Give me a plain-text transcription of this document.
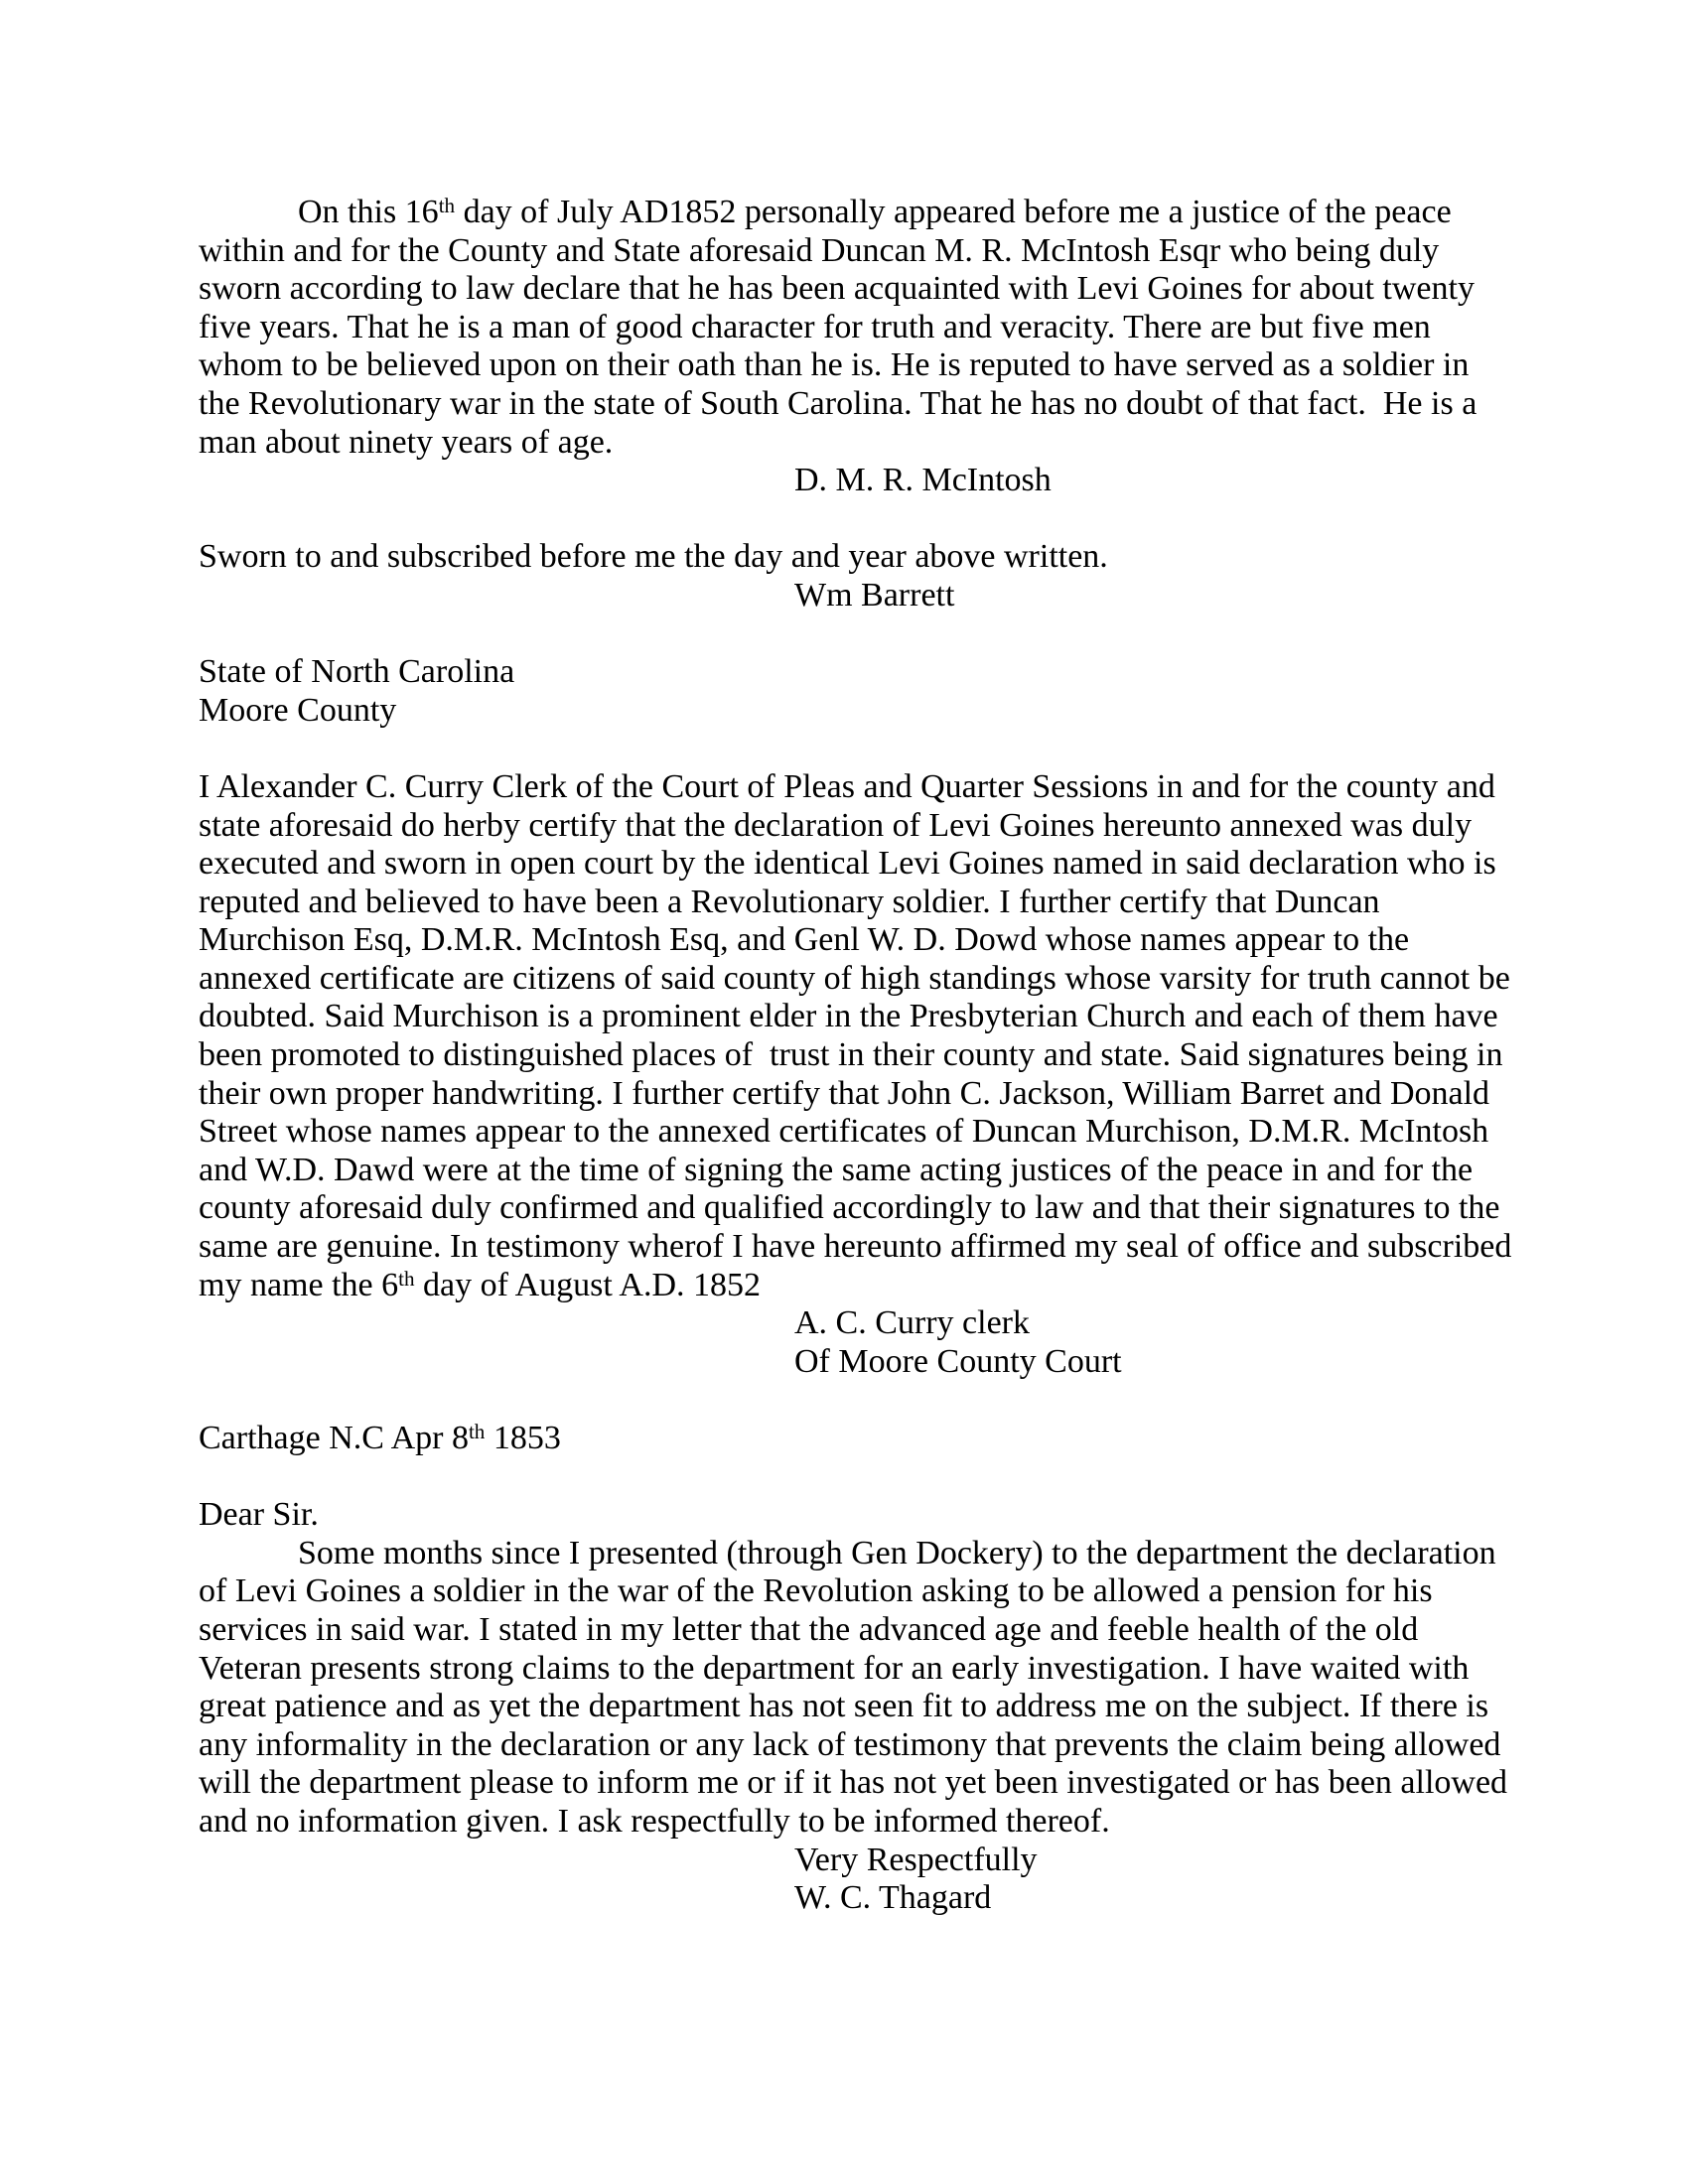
On this 16th day of July AD1852 personally appeared before me a justice of the peace
within and for the County and State aforesaid Duncan M. R. McIntosh Esqr who being duly
sworn according to law declare that he has been acquainted with Levi Goines for about twenty
five years. That he is a man of good character for truth and veracity. There are but five men
whom to be believed upon on their oath than he is. He is reputed to have served as a soldier in
the Revolutionary war in the state of South Carolina. That he has no doubt of that fact.  He is a
man about ninety years of age.
D. M. R. McIntosh
Sworn to and subscribed before me the day and year above written.
Wm Barrett
State of North Carolina
Moore County
I Alexander C. Curry Clerk of the Court of Pleas and Quarter Sessions in and for the county and
state aforesaid do herby certify that the declaration of Levi Goines hereunto annexed was duly
executed and sworn in open court by the identical Levi Goines named in said declaration who is
reputed and believed to have been a Revolutionary soldier. I further certify that Duncan
Murchison Esq, D.M.R. McIntosh Esq, and Genl W. D. Dowd whose names appear to the
annexed certificate are citizens of said county of high standings whose varsity for truth cannot be
doubted. Said Murchison is a prominent elder in the Presbyterian Church and each of them have
been promoted to distinguished places of  trust in their county and state. Said signatures being in
their own proper handwriting. I further certify that John C. Jackson, William Barret and Donald
Street whose names appear to the annexed certificates of Duncan Murchison, D.M.R. McIntosh
and W.D. Dawd were at the time of signing the same acting justices of the peace in and for the
county aforesaid duly confirmed and qualified accordingly to law and that their signatures to the
same are genuine. In testimony wherof I have hereunto affirmed my seal of office and subscribed
my name the 6th day of August A.D. 1852
A. C. Curry clerk
Of Moore County Court
Carthage N.C Apr 8th 1853
Dear Sir.
Some months since I presented (through Gen Dockery) to the department the declaration
of Levi Goines a soldier in the war of the Revolution asking to be allowed a pension for his
services in said war. I stated in my letter that the advanced age and feeble health of the old
Veteran presents strong claims to the department for an early investigation. I have waited with
great patience and as yet the department has not seen fit to address me on the subject. If there is
any informality in the declaration or any lack of testimony that prevents the claim being allowed
will the department please to inform me or if it has not yet been investigated or has been allowed
and no information given. I ask respectfully to be informed thereof.
Very Respectfully
W. C. Thagard
